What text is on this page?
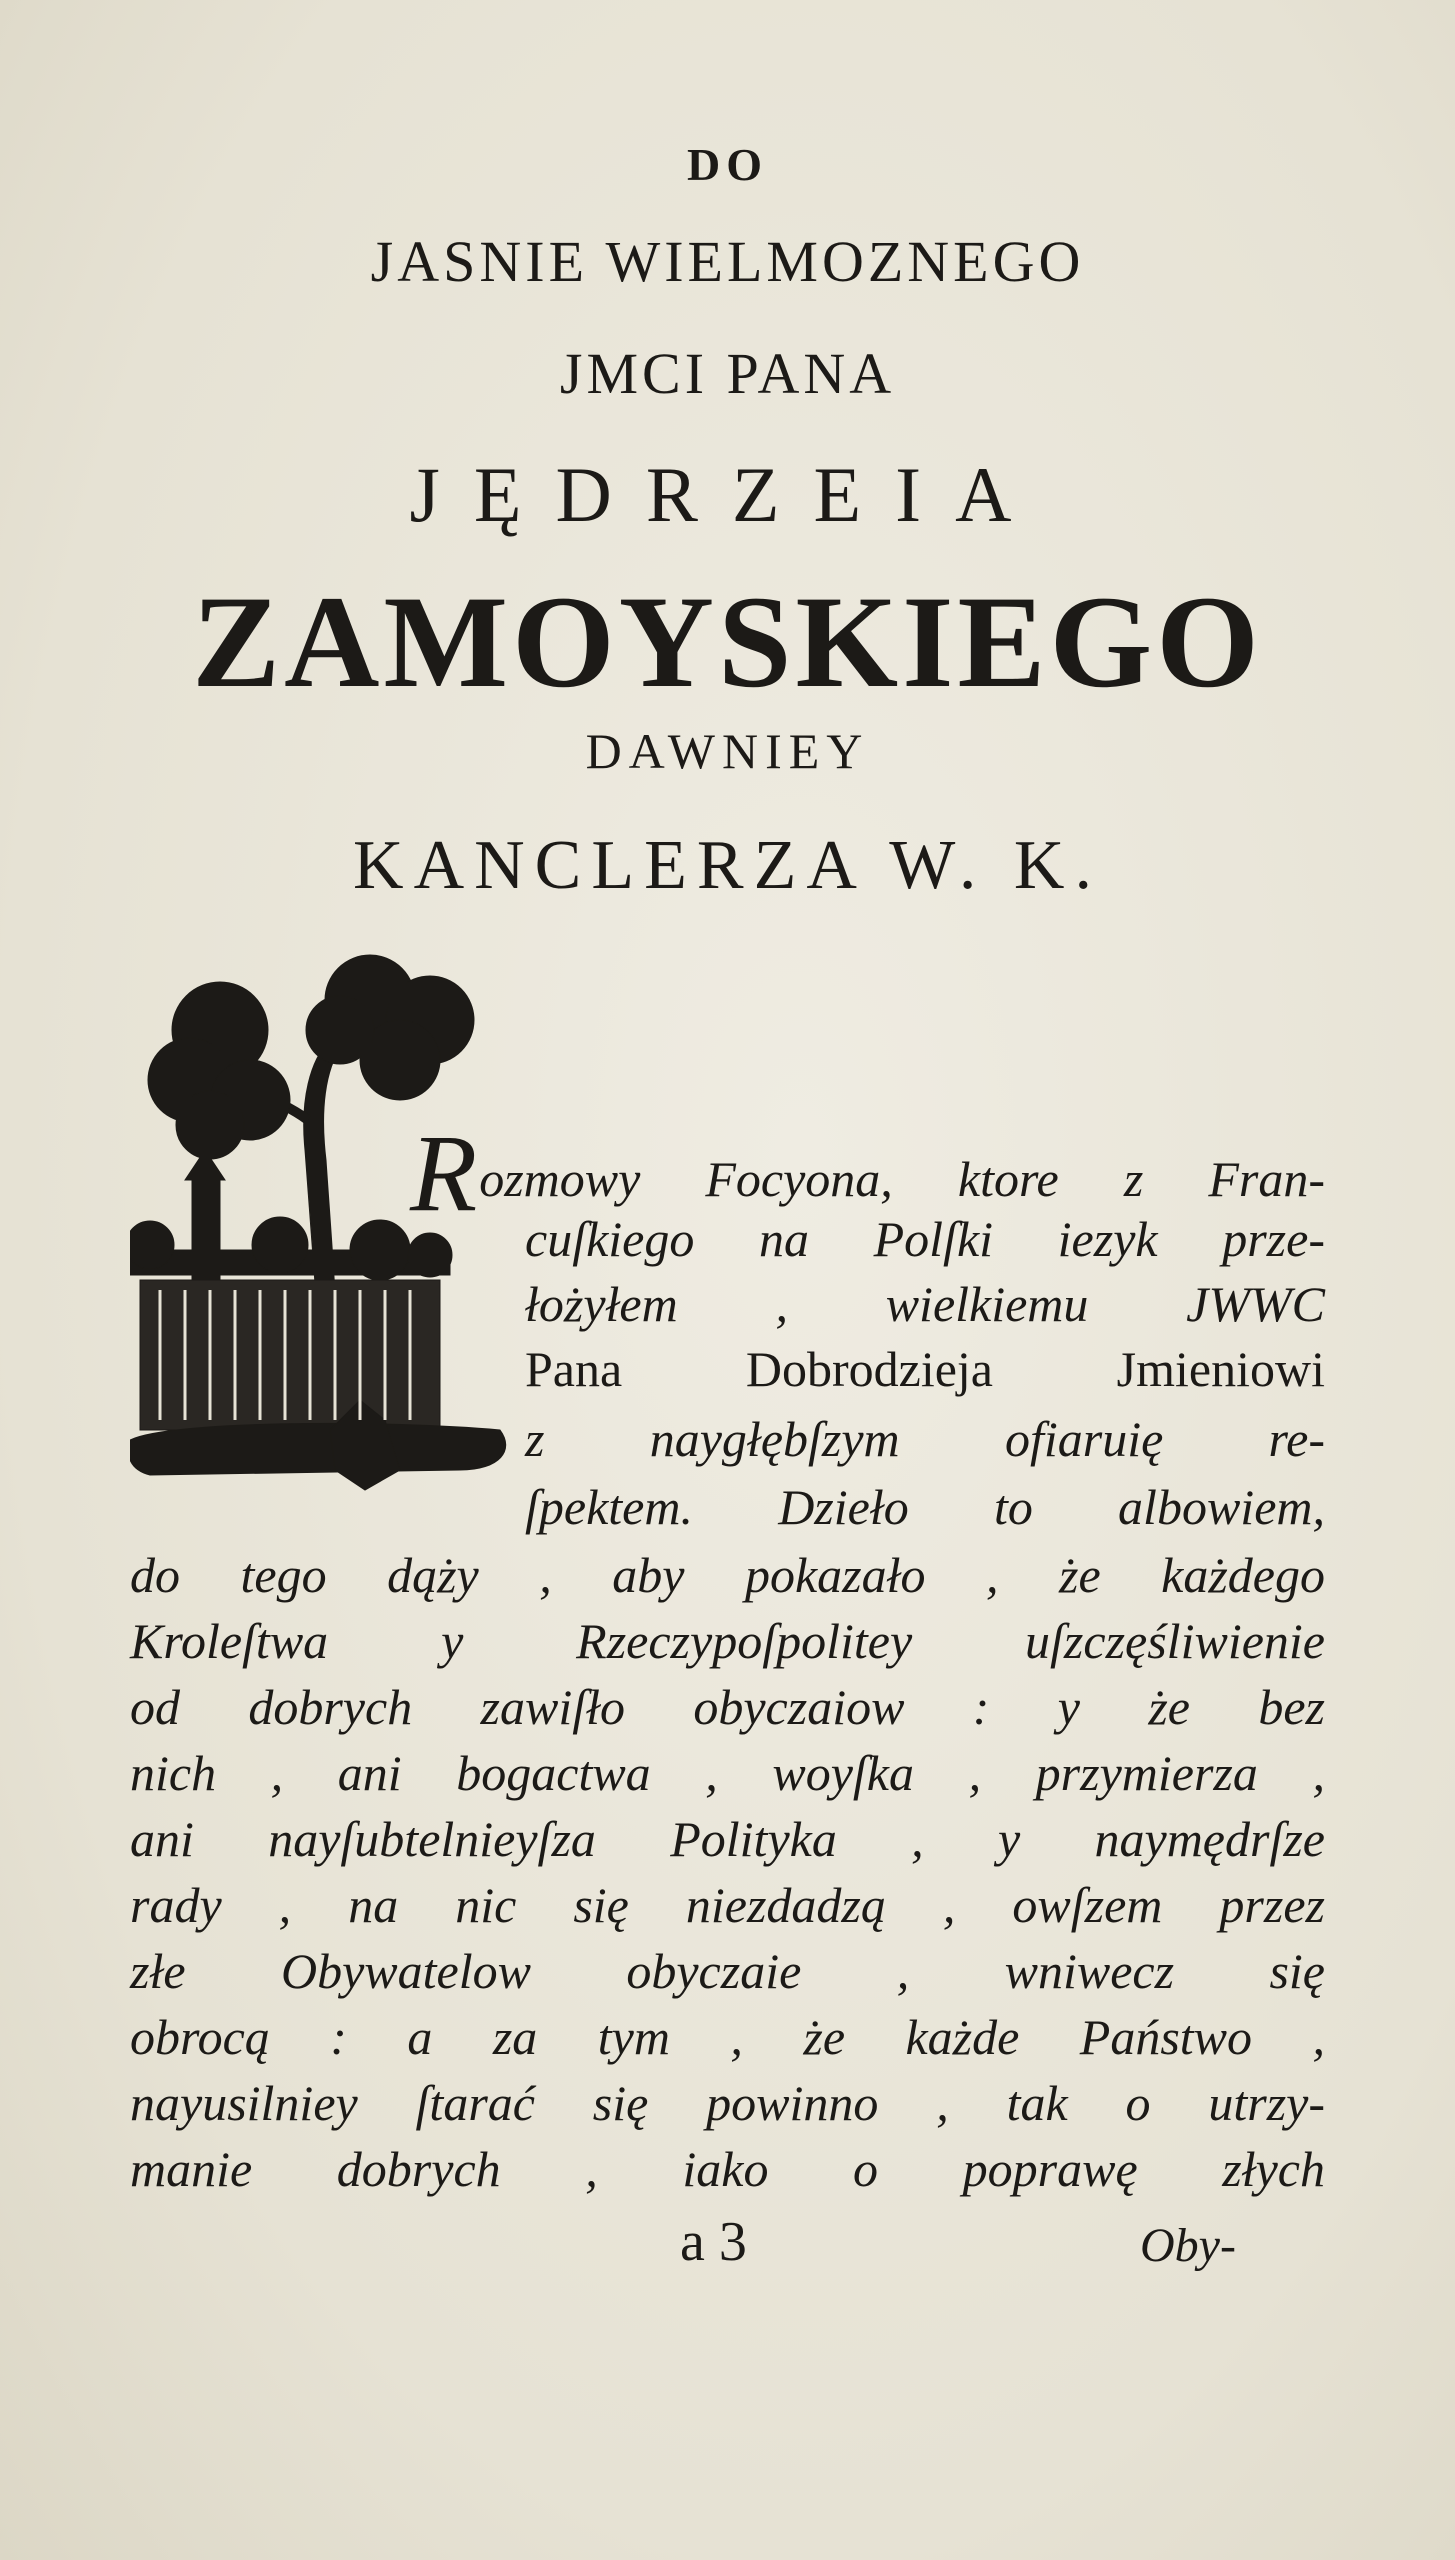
DO
JASNIE WIELMOZNEGO
JMCI PANA
JĘDRZEIA
ZAMOYSKIEGO
DAWNIEY
KANCLERZA W. K.
Rozmowy Focyona, ktore z Fran-
cuſkiego na Polſki iezyk prze-
łożyłem , wielkiemu JWWC
Pana Dobrodzieja Jmieniowi
z naygłębſzym ofiaruię re-
ſpektem. Dzieło to albowiem,
do tego dąży , aby pokazało , że każdego
Kroleſtwa y Rzeczypoſpolitey uſzczęśliwienie
od dobrych zawiſło obyczaiow : y że bez
nich , ani bogactwa , woyſka , przymierza ,
ani nayſubtelnieyſza Polityka , y naymędrſze
rady , na nic się niezdadzą , owſzem przez
złe Obywatelow obyczaie , wniwecz się
obrocą : a za tym , że każde Państwo ,
nayusilniey ſtarać się powinno , tak o utrzy-
manie dobrych , iako o poprawę złych
a 3	Oby-
